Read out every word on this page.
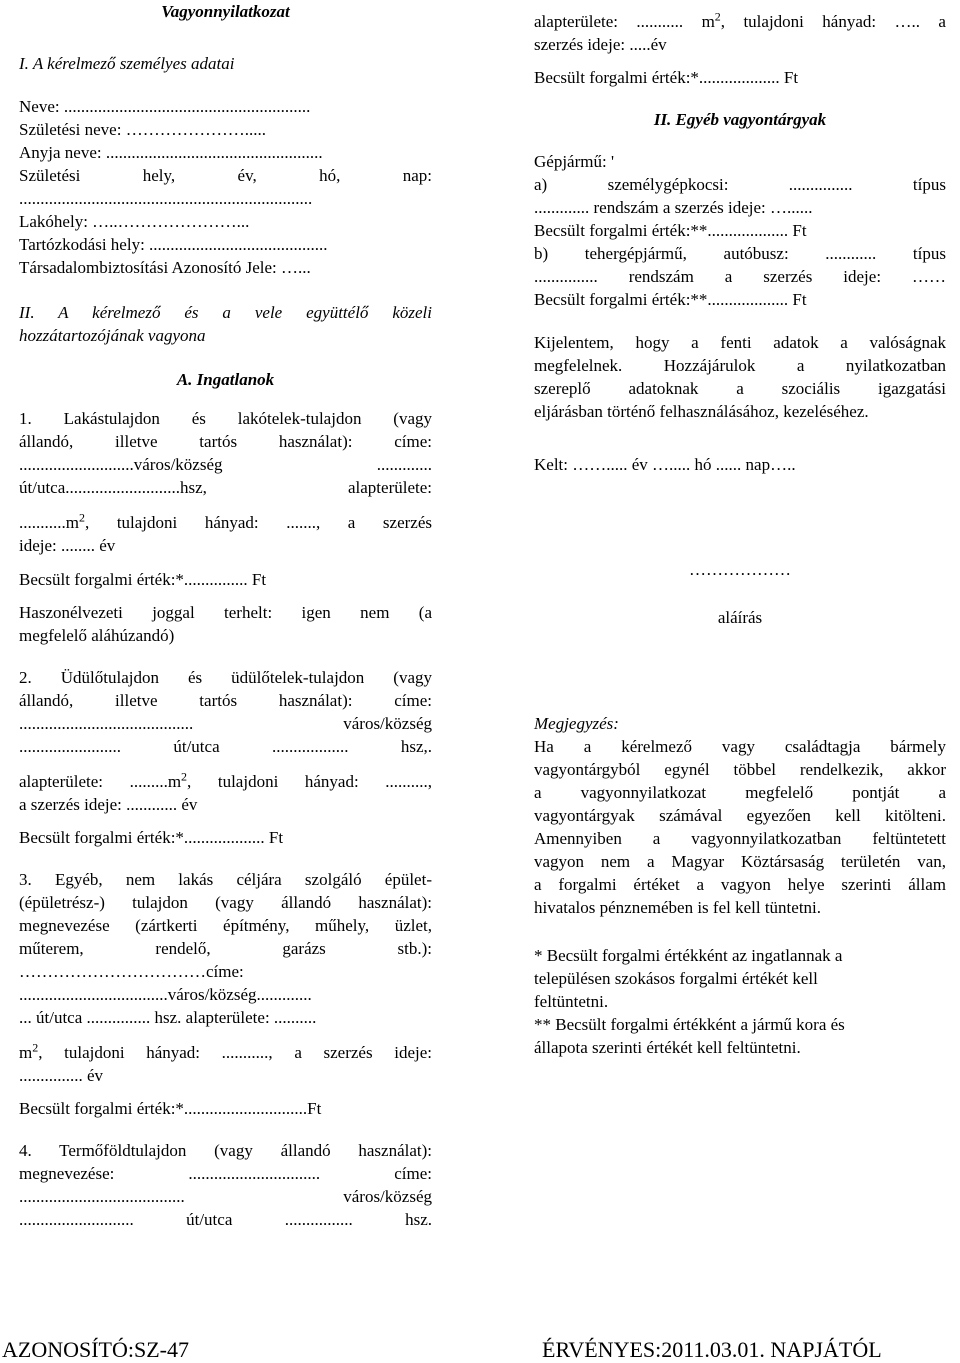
Vagyonnyilatkozat
I. A kérelmező személyes adatai
Neve: ..........................................................
Születési neve: ………………….....
Anyja neve: ...................................................
Születési hely, év, hó, nap:
.....................................................................
Lakóhely: …..…………………...
Tartózkodási hely: ..........................................
Társadalombiztosítási Azonosító Jele: …...
II. A kérelmező és a vele együttélő közeli
hozzátartozójának vagyona
A. Ingatlanok
1. Lakástulajdon és lakótelek-tulajdon (vagy
állandó, illetve tartós használat): címe:
...........................város/község .............
út/utca...........................hsz, alapterülete:
$...........m^2$, tulajdoni hányad: ......., a szerzés
ideje: ........ év
Becsült forgalmi érték:*............... Ft
Haszonélvezeti joggal terhelt: igen nem (a
megfelelő aláhúzandó)
2. Üdülőtulajdon és üdülőtelek-tulajdon (vagy
állandó, illetve tartós használat): címe:
......................................... város/község
........................ út/utca .................. hsz,.
alapterülete: $.........m^2$, tulajdoni hányad: ..........,
a szerzés ideje: ............ év
Becsült forgalmi érték:*................... Ft
3. Egyéb, nem lakás céljára szolgáló épület-
(épületrész-) tulajdon (vagy állandó használat):
megnevezése (zártkerti építmény, műhely, üzlet,
műterem, rendelő, garázs stb.):
……………………………címe:
...................................város/község.............
... út/utca ............... hsz. alapterülete: ..........
$m^2$, tulajdoni hányad: ..........., a szerzés ideje:
............... év
Becsült forgalmi érték:*.............................Ft
4. Termőföldtulajdon (vagy állandó használat):
megnevezése: ............................... címe:
....................................... város/község
........................... út/utca ................ hsz.
alapterülete: ........... $m^2$, tulajdoni hányad: ….. a
szerzés ideje: .....év
Becsült forgalmi érték:*................... Ft
II. Egyéb vagyontárgyak
Gépjármű: '
a) személygépkocsi: ............... típus
............. rendszám a szerzés ideje: …......
Becsült forgalmi érték:**................... Ft
b) tehergépjármű, autóbusz: ............ típus
............... rendszám a szerzés ideje: ……
Becsült forgalmi érték:**................... Ft
Kijelentem, hogy a fenti adatok a valóságnak
megfelelnek. Hozzájárulok a nyilatkozatban
szereplő adatoknak a szociális igazgatási
eljárásban történő felhasználásához, kezeléséhez.
Kelt: ……..... év …..... hó ...... nap…..
………………
aláírás
Megjegyzés:
Ha a kérelmező vagy családtagja bármely
vagyontárgyból egynél többel rendelkezik, akkor
a vagyonnyilatkozat megfelelő pontját a
vagyontárgyak számával egyezően kell kitölteni.
Amennyiben a vagyonnyilatkozatban feltüntetett
vagyon nem a Magyar Köztársaság területén van,
a forgalmi értéket a vagyon helye szerinti állam
hivatalos pénznemében is fel kell tüntetni.
* Becsült forgalmi értékként az ingatlannak a
településen szokásos forgalmi értékét kell
feltüntetni.
** Becsült forgalmi értékként a jármű kora és
állapota szerinti értékét kell feltüntetni.
AZONOSÍTÓ:SZ-47	ÉRVÉNYES:2011.03.01. NAPJÁTÓL
